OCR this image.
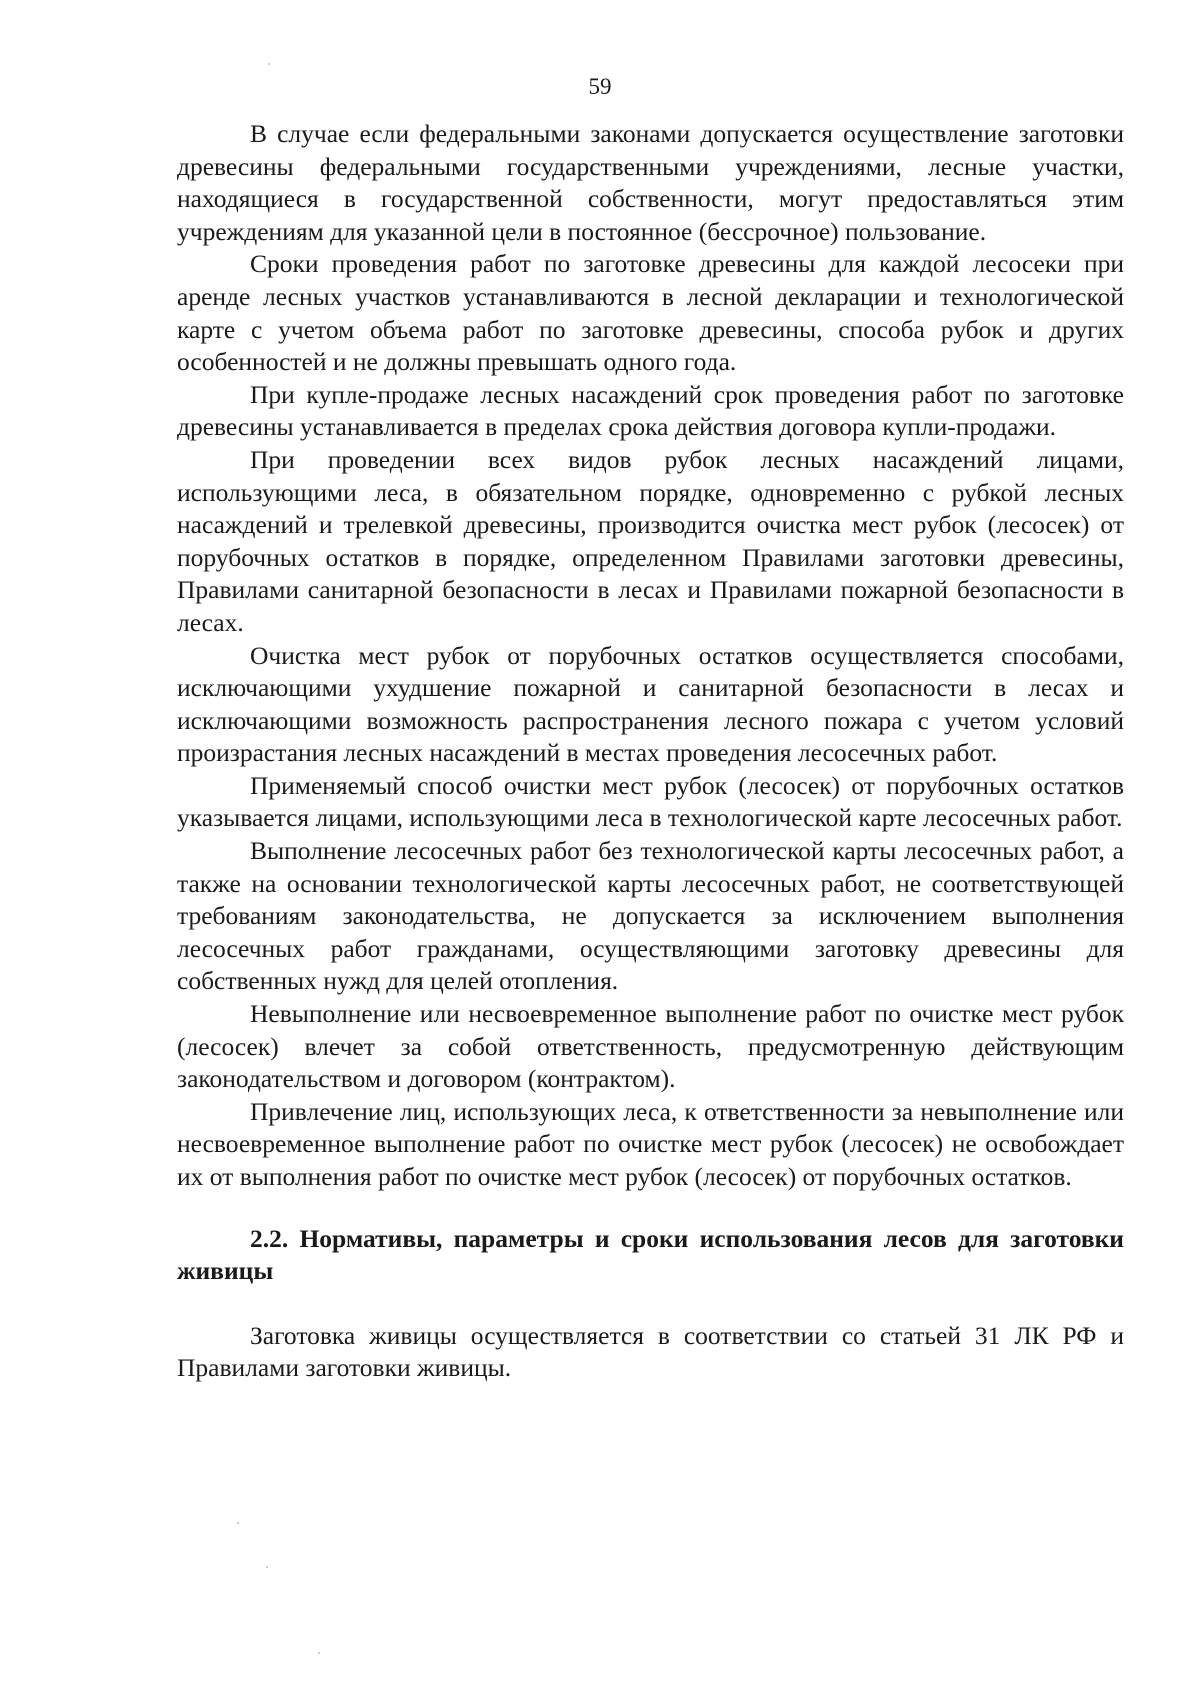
59

В случае если федеральными законами допускается осуществление заготовки древесины федеральными государственными учреждениями, лесные участки, находящиеся в государственной собственности, могут предоставляться этим учреждениям для указанной цели в постоянное (бессрочное) пользование.

Сроки проведения работ по заготовке древесины для каждой лесосеки при аренде лесных участков устанавливаются в лесной декларации и технологической карте с учетом объема работ по заготовке древесины, способа рубок и других особенностей и не должны превышать одного года.

При купле-продаже лесных насаждений срок проведения работ по заготовке древесины устанавливается в пределах срока действия договора купли-продажи.

При проведении всех видов рубок лесных насаждений лицами, использующими леса, в обязательном порядке, одновременно с рубкой лесных насаждений и трелевкой древесины, производится очистка мест рубок (лесосек) от порубочных остатков в порядке, определенном Правилами заготовки древесины, Правилами санитарной безопасности в лесах и Правилами пожарной безопасности в лесах.

Очистка мест рубок от порубочных остатков осуществляется способами, исключающими ухудшение пожарной и санитарной безопасности в лесах и исключающими возможность распространения лесного пожара с учетом условий произрастания лесных насаждений в местах проведения лесосечных работ.

Применяемый способ очистки мест рубок (лесосек) от порубочных остатков указывается лицами, использующими леса в технологической карте лесосечных работ.

Выполнение лесосечных работ без технологической карты лесосечных работ, а также на основании технологической карты лесосечных работ, не соответствующей требованиям законодательства, не допускается за исключением выполнения лесосечных работ гражданами, осуществляющими заготовку древесины для собственных нужд для целей отопления.

Невыполнение или несвоевременное выполнение работ по очистке мест рубок (лесосек) влечет за собой ответственность, предусмотренную действующим законодательством и договором (контрактом).

Привлечение лиц, использующих леса, к ответственности за невыполнение или несвоевременное выполнение работ по очистке мест рубок (лесосек) не освобождает их от выполнения работ по очистке мест рубок (лесосек) от порубочных остатков.

2.2. Нормативы, параметры и сроки использования лесов для заготовки живицы

Заготовка живицы осуществляется в соответствии со статьей 31 ЛК РФ и Правилами заготовки живицы.
